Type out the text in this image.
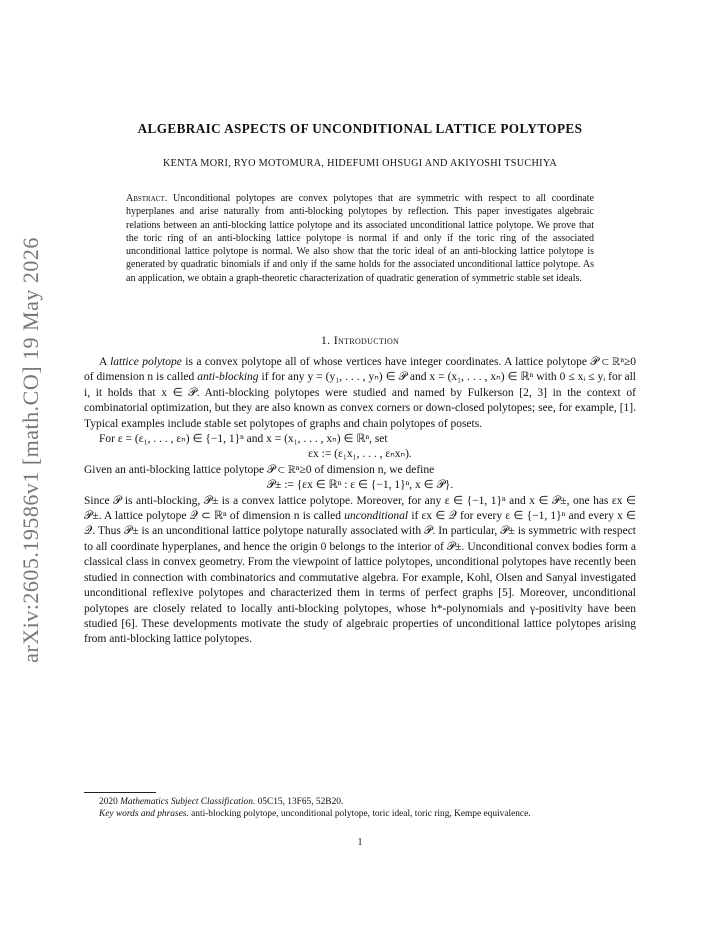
arXiv:2605.19586v1 [math.CO] 19 May 2026
ALGEBRAIC ASPECTS OF UNCONDITIONAL LATTICE POLYTOPES
KENTA MORI, RYO MOTOMURA, HIDEFUMI OHSUGI AND AKIYOSHI TSUCHIYA
Abstract. Unconditional polytopes are convex polytopes that are symmetric with respect to all coordinate hyperplanes and arise naturally from anti-blocking polytopes by reflection. This paper investigates algebraic relations between an anti-blocking lattice polytope and its associated unconditional lattice polytope. We prove that the toric ring of an anti-blocking lattice polytope is normal if and only if the toric ring of the associated unconditional lattice polytope is normal. We also show that the toric ideal of an anti-blocking lattice polytope is generated by quadratic binomials if and only if the same holds for the associated unconditional lattice polytope. As an application, we obtain a graph-theoretic characterization of quadratic generation of symmetric stable set ideals.
1. Introduction

A lattice polytope is a convex polytope all of whose vertices have integer coordinates. A lattice polytope 𝒫 ⊂ ℝⁿ≥0 of dimension n is called anti-blocking if for any y = (y₁, . . . , yₙ) ∈ 𝒫 and x = (x₁, . . . , xₙ) ∈ ℝⁿ with 0 ≤ xᵢ ≤ yᵢ for all i, it holds that x ∈ 𝒫. Anti-blocking polytopes were studied and named by Fulkerson [2, 3] in the context of combinatorial optimization, but they are also known as convex corners or down-closed polytopes; see, for example, [1]. Typical examples include stable set polytopes of graphs and chain polytopes of posets.

For ε = (ε₁, . . . , εₙ) ∈ {−1, 1}ⁿ and x = (x₁, . . . , xₙ) ∈ ℝⁿ, set

εx := (ε₁x₁, . . . , εₙxₙ).

Given an anti-blocking lattice polytope 𝒫 ⊂ ℝⁿ≥0 of dimension n, we define

𝒫± := {εx ∈ ℝⁿ : ε ∈ {−1, 1}ⁿ, x ∈ 𝒫}.

Since 𝒫 is anti-blocking, 𝒫± is a convex lattice polytope. Moreover, for any ε ∈ {−1, 1}ⁿ and x ∈ 𝒫±, one has εx ∈ 𝒫±. A lattice polytope 𝒬 ⊂ ℝⁿ of dimension n is called unconditional if εx ∈ 𝒬 for every ε ∈ {−1, 1}ⁿ and every x ∈ 𝒬. Thus 𝒫± is an unconditional lattice polytope naturally associated with 𝒫. In particular, 𝒫± is symmetric with respect to all coordinate hyperplanes, and hence the origin 0 belongs to the interior of 𝒫±. Unconditional convex bodies form a classical class in convex geometry. From the viewpoint of lattice polytopes, unconditional polytopes have recently been studied in connection with combinatorics and commutative algebra. For example, Kohl, Olsen and Sanyal investigated unconditional reflexive polytopes and characterized them in terms of perfect graphs [5]. Moreover, unconditional polytopes are closely related to locally anti-blocking polytopes, whose h*-polynomials and γ-positivity have been studied [6]. These developments motivate the study of algebraic properties of unconditional lattice polytopes arising from anti-blocking lattice polytopes.

2020 Mathematics Subject Classification. 05C15, 13F65, 52B20.

Key words and phrases. anti-blocking polytope, unconditional polytope, toric ideal, toric ring, Kempe equivalence.

1
